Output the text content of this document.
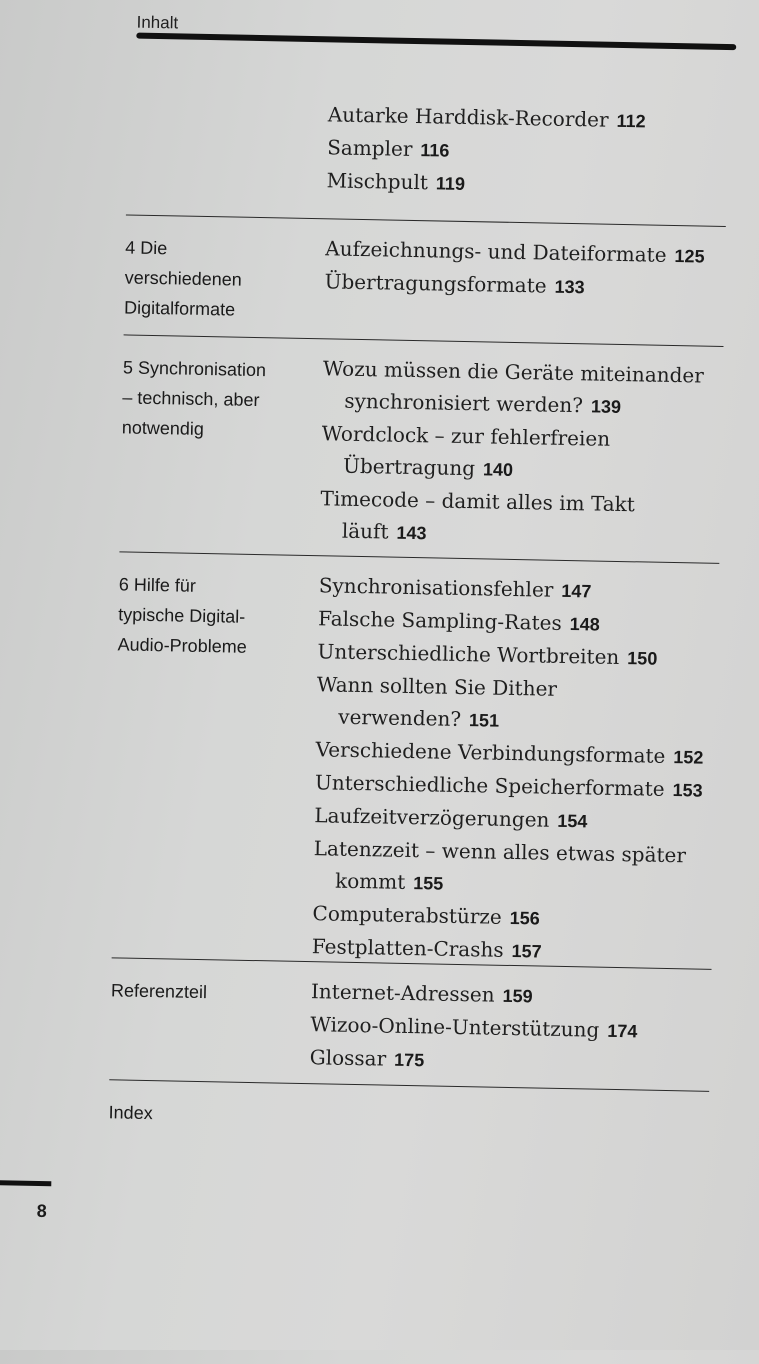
Inhalt
Autarke Harddisk-Recorder 112
Sampler 116
Mischpult 119
4 Die
verschiedenen
Digitalformate
Aufzeichnungs- und Dateiformate 125
Übertragungsformate 133
5 Synchronisation
– technisch, aber
notwendig
Wozu müssen die Geräte miteinander
synchronisiert werden? 139
Wordclock – zur fehlerfreien
Übertragung 140
Timecode – damit alles im Takt
läuft 143
6 Hilfe für
typische Digital-
Audio-Probleme
Synchronisationsfehler 147
Falsche Sampling-Rates 148
Unterschiedliche Wortbreiten 150
Wann sollten Sie Dither
verwenden? 151
Verschiedene Verbindungsformate 152
Unterschiedliche Speicherformate 153
Laufzeitverzögerungen 154
Latenzzeit – wenn alles etwas später
kommt 155
Computerabstürze 156
Festplatten-Crashs 157
Referenzteil	Internet-Adressen 159
Wizoo-Online-Unterstützung 174
Glossar 175
Index
8
